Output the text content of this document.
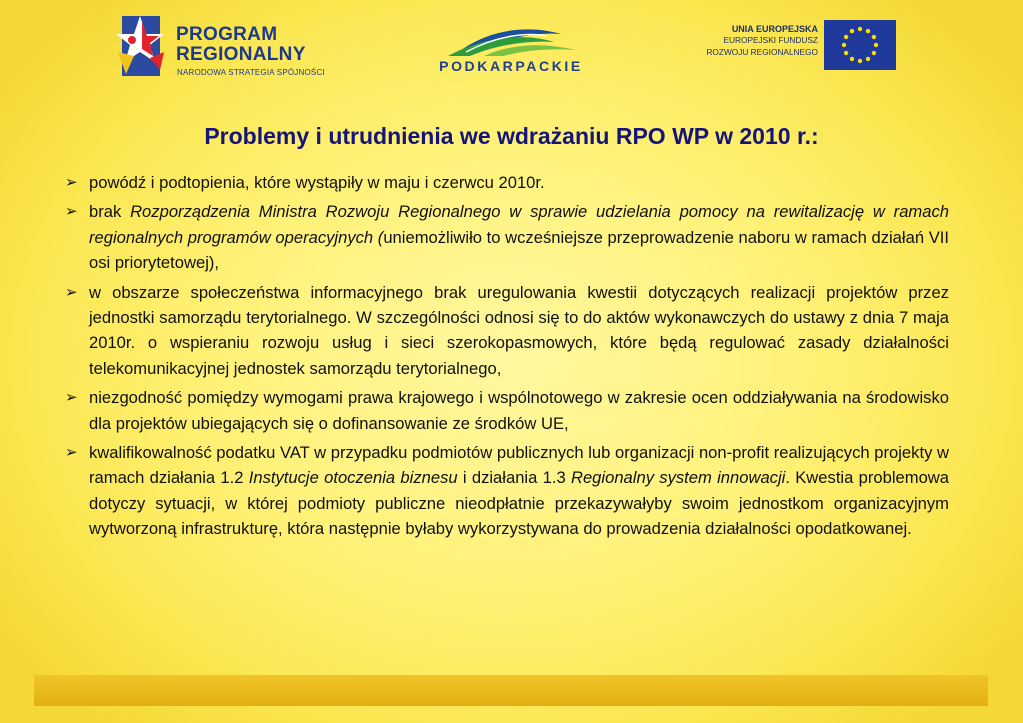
PROGRAM
REGIONALNY
NARODOWA STRATEGIA SPÓJNOŚCI	PODKARPACKIE
UNIA EUROPEJSKA
EUROPEJSKI FUNDUSZ
ROZWOJU REGIONALNEGO
Problemy i utrudnienia we wdrażaniu RPO WP w 2010 r.:
➢ powódź i podtopienia, które wystąpiły w maju i czerwcu 2010r.
➢ brak Rozporządzenia Ministra Rozwoju Regionalnego w sprawie udzielania pomocy na rewitalizację w ramach regionalnych programów operacyjnych (uniemożliwiło to wcześniejsze przeprowadzenie naboru w ramach działań VII osi priorytetowej),
➢ w obszarze społeczeństwa informacyjnego brak uregulowania kwestii dotyczących realizacji projektów przez jednostki samorządu terytorialnego. W szczególności odnosi się to do aktów wykonawczych do ustawy z dnia 7 maja 2010r. o wspieraniu rozwoju usług i sieci szerokopasmowych, które będą regulować zasady działalności telekomunikacyjnej jednostek samorządu terytorialnego,
➢ niezgodność pomiędzy wymogami prawa krajowego i wspólnotowego w zakresie ocen oddziaływania na środowisko dla projektów ubiegających się o dofinansowanie ze środków UE,
➢ kwalifikowalność podatku VAT w przypadku podmiotów publicznych lub organizacji non-profit realizujących projekty w ramach działania 1.2 Instytucje otoczenia biznesu i działania 1.3 Regionalny system innowacji. Kwestia problemowa dotyczy sytuacji, w której podmioty publiczne nieodpłatnie przekazywałyby swoim jednostkom organizacyjnym wytworzoną infrastrukturę, która następnie byłaby wykorzystywana do prowadzenia działalności opodatkowanej.
